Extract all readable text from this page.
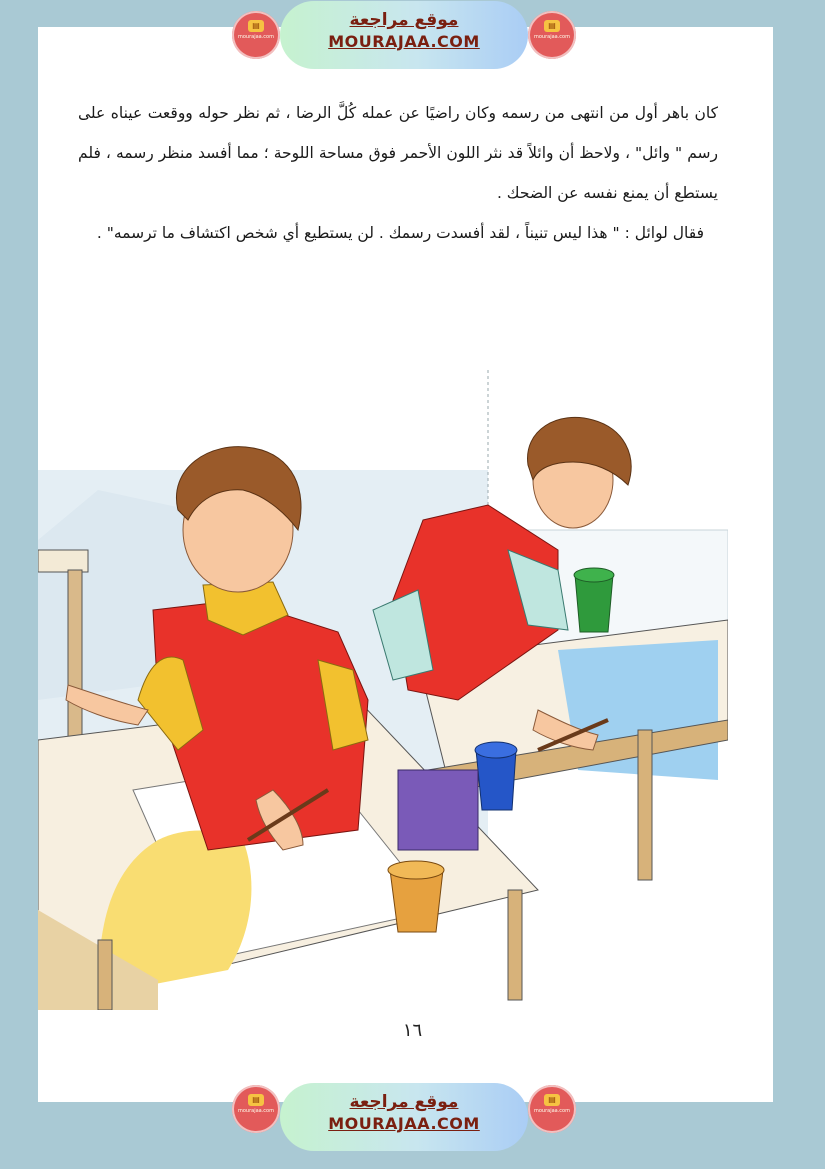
▤
mourajaa.com
موقع مراجعة
MOURAJAA.COM
▤
mourajaa.com

كان باهر أول من انتهى من رسمه وكان راضيًا عن عمله كُلَّ الرضا ، ثم نظر حوله ووقعت عيناه على رسم " وائل" ، ولاحظ أن وائلاً قد نثر اللون الأحمر فوق مساحة اللوحة ؛ مما أفسد منظر رسمه ، فلم يستطع أن يمنع نفسه عن الضحك .

فقال لوائل : " هذا ليس تنيناً ، لقد أفسدت رسمك . لن يستطيع أي شخص اكتشاف ما ترسمه" .

١٦
▤
mourajaa.com	موقع مراجعة
MOURAJAA.COM
▤
mourajaa.com
